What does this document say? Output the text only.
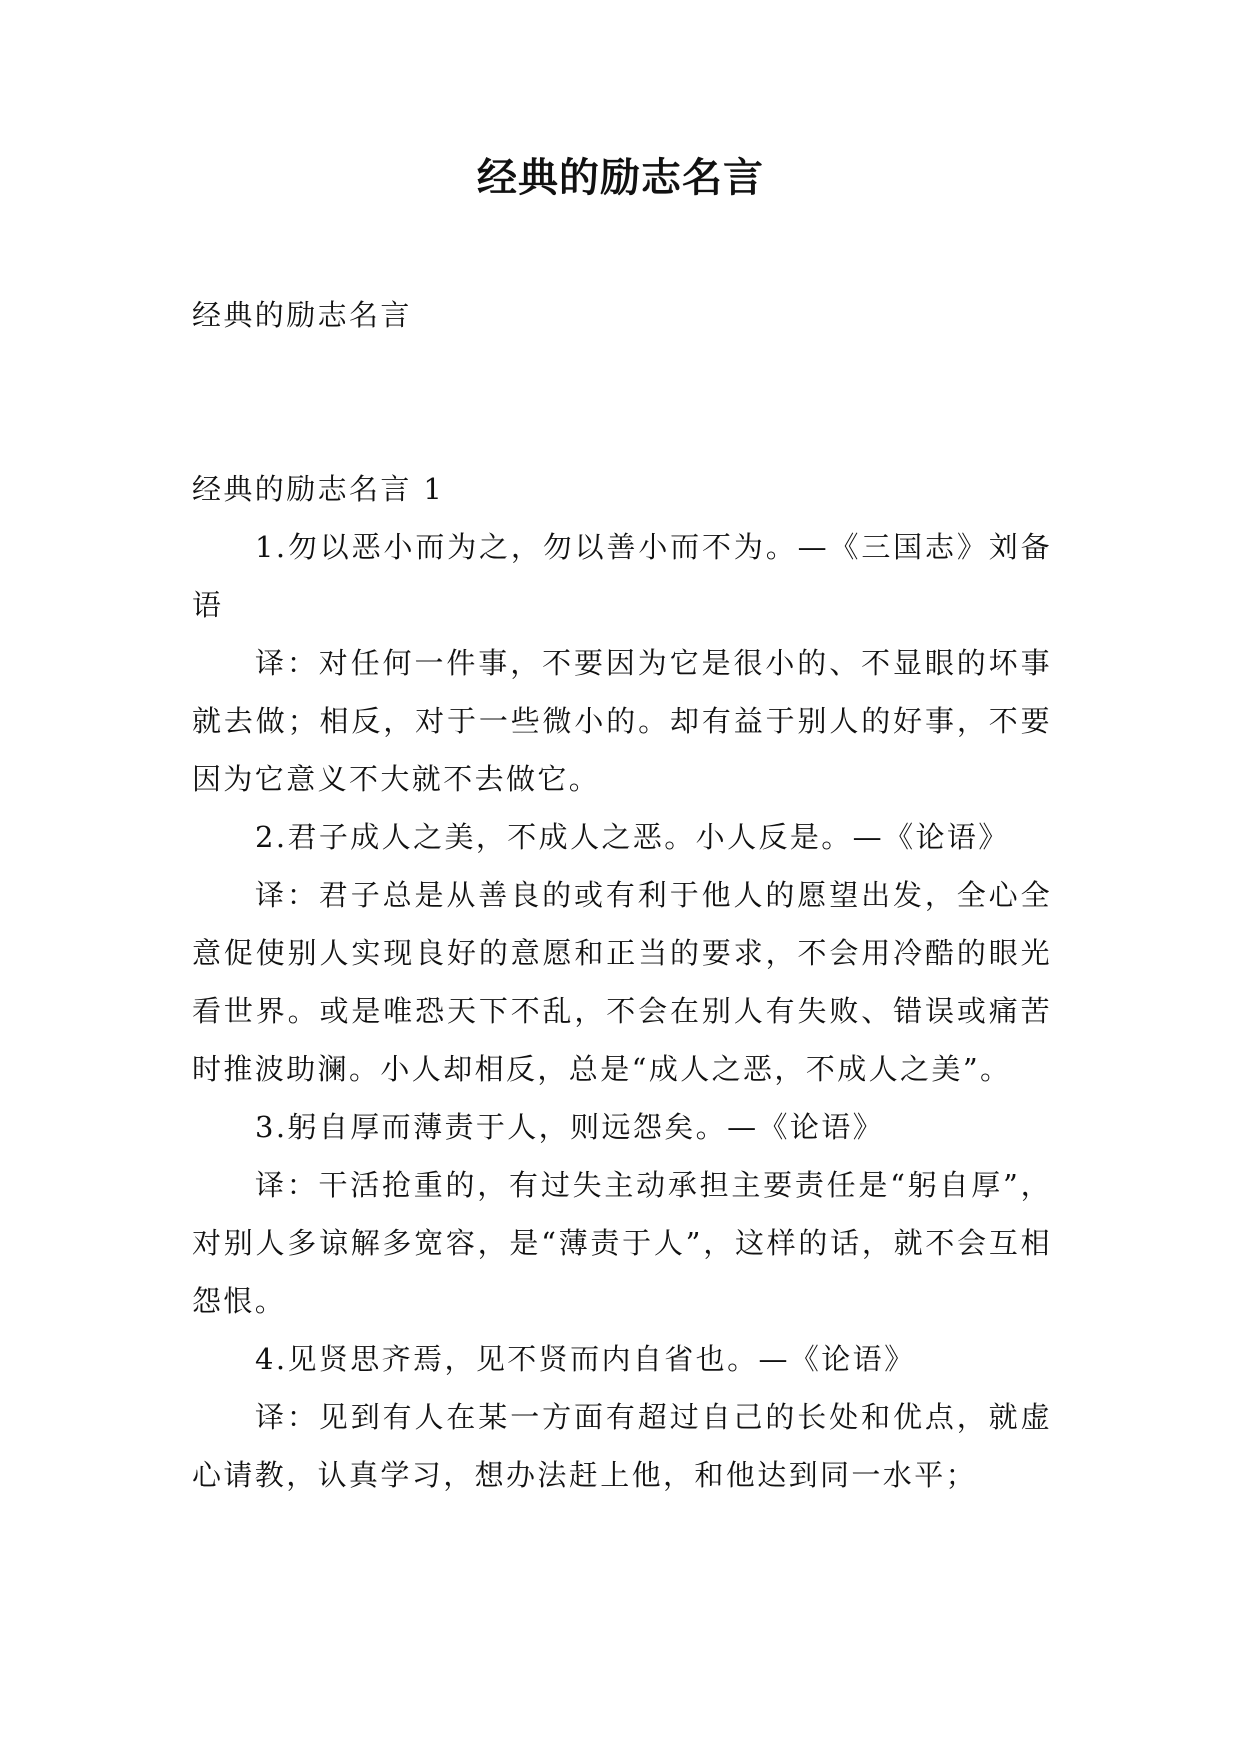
经典的励志名言

经典的励志名言

经典的励志名言 1

1.勿以恶小而为之，勿以善小而不为。—《三国志》刘备语

译：对任何一件事，不要因为它是很小的、不显眼的坏事就去做；相反，对于一些微小的。却有益于别人的好事，不要因为它意义不大就不去做它。

2.君子成人之美，不成人之恶。小人反是。—《论语》

译：君子总是从善良的或有利于他人的愿望出发，全心全意促使别人实现良好的意愿和正当的要求，不会用冷酷的眼光看世界。或是唯恐天下不乱，不会在别人有失败、错误或痛苦时推波助澜。小人却相反，总是“成人之恶，不成人之美”。

3.躬自厚而薄责于人，则远怨矣。—《论语》

译：干活抢重的，有过失主动承担主要责任是“躬自厚”，对别人多谅解多宽容，是“薄责于人”，这样的话，就不会互相怨恨。

4.见贤思齐焉，见不贤而内自省也。—《论语》

译：见到有人在某一方面有超过自己的长处和优点，就虚心请教，认真学习，想办法赶上他，和他达到同一水平；
